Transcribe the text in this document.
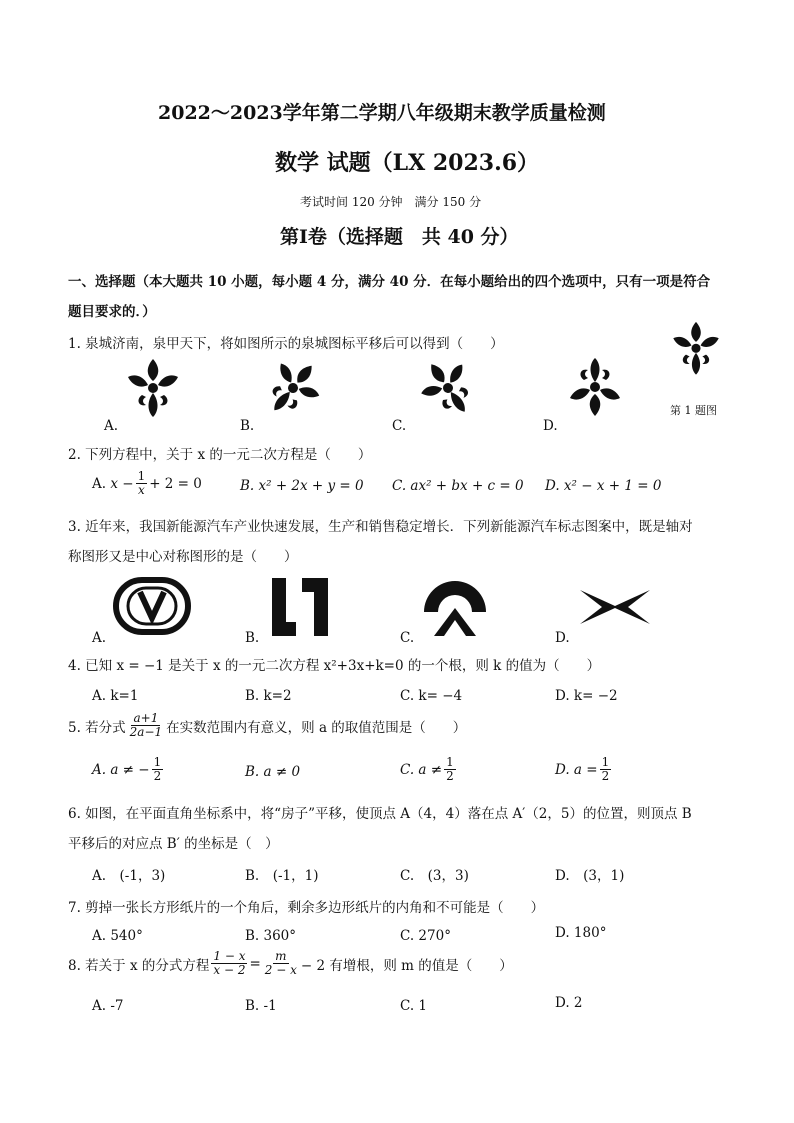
2022～2023学年第二学期八年级期末教学质量检测
数学 试题（LX 2023.6）
考试时间 120 分钟　满分 150 分
第Ⅰ卷（选择题　共 40 分）
一、选择题（本大题共 10 小题，每小题 4 分，满分 40 分．在每小题给出的四个选项中，只有一项是符合
题目要求的．）
1. 泉城济南，泉甲天下，将如图所示的泉城图标平移后可以得到（　　）
A.	B.	C.	D.
第 1 题图
2. 下列方程中，关于 x 的一元二次方程是（　　）
A.
$x - \frac{1}{x} + 2 = 0$	B. x² + 2x + y = 0 C. ax² + bx + c = 0 D. x² − x + 1 = 0
3. 近年来，我国新能源汽车产业快速发展，生产和销售稳定增长．下列新能源汽车标志图案中，既是轴对
称图形又是中心对称图形的是（　　）
A.	B.	C.	D.
4. 已知 x = −1 是关于 x 的一元二次方程 x²+3x+k=0 的一个根，则 k 的值为（　　）
A. k=1	B. k=2	C. k= −4	D. k= −2
5. 若分式 $\frac{a+1}{2a-1}$ 在实数范围内有意义，则 a 的取值范围是（　　）
A. a ≠ − $\frac{1}{2}$	B. a ≠ 0	C. $a \ne \frac{1}{2}$	D. $a = \frac{1}{2}$
6. 如图，在平面直角坐标系中，将“房子”平移，使顶点 A（4，4）落在点 A′（2，5）的位置，则顶点 B
平移后的对应点 B′ 的坐标是（　）
A.　(-1，3)	B.　(-1，1)	C.　(3，3)	D.　(3，1)
7. 剪掉一张长方形纸片的一个角后，剩余多边形纸片的内角和不可能是（　　）
A. 540°	B. 360°	C. 270°	D. 180°
8. 若关于 x 的分式方程 $\frac{1 - x}{x - 2} = \frac{m}{2 - x} - 2$ 有增根，则 m 的值是（　　）
A. -7	B. -1	C. 1	D. 2
